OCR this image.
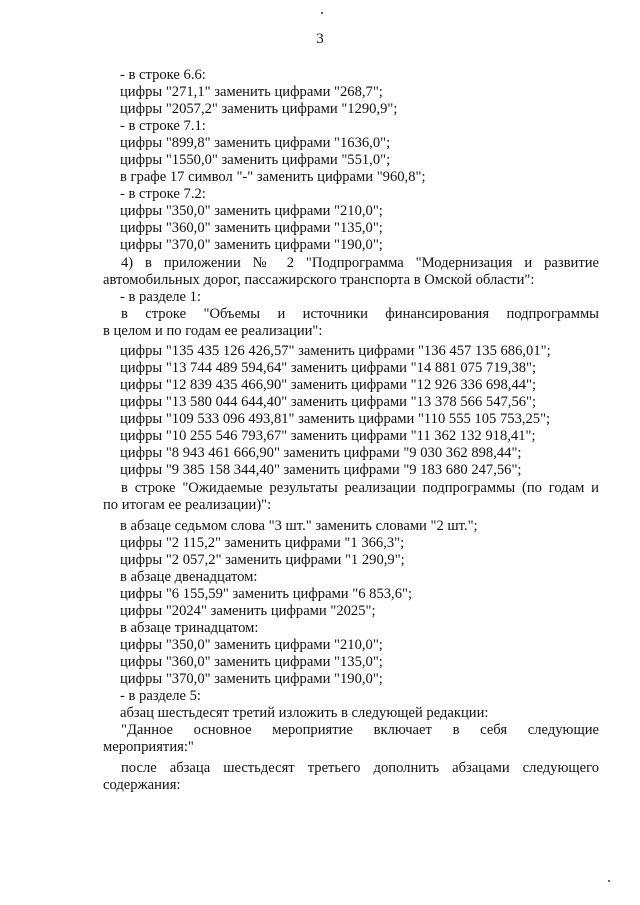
3
- в строке 6.6:
цифры "271,1" заменить цифрами "268,7";
цифры "2057,2" заменить цифрами "1290,9";
- в строке 7.1:
цифры "899,8" заменить цифрами "1636,0";
цифры "1550,0" заменить цифрами "551,0";
в графе 17 символ "-" заменить цифрами "960,8";
- в строке 7.2:
цифры "350,0" заменить цифрами "210,0";
цифры "360,0" заменить цифрами "135,0";
цифры "370,0" заменить цифрами "190,0";
4) в приложении № 2 "Подпрограмма "Модернизация и развитие
автомобильных дорог, пассажирского транспорта в Омской области":
- в разделе 1:
в строке "Объемы и источники финансирования подпрограммы
в целом и по годам ее реализации":
цифры "135 435 126 426,57" заменить цифрами "136 457 135 686,01";
цифры "13 744 489 594,64" заменить цифрами "14 881 075 719,38";
цифры "12 839 435 466,90" заменить цифрами "12 926 336 698,44";
цифры "13 580 044 644,40" заменить цифрами "13 378 566 547,56";
цифры "109 533 096 493,81" заменить цифрами "110 555 105 753,25";
цифры "10 255 546 793,67" заменить цифрами "11 362 132 918,41";
цифры "8 943 461 666,90" заменить цифрами "9 030 362 898,44";
цифры "9 385 158 344,40" заменить цифрами "9 183 680 247,56";
в строке "Ожидаемые результаты реализации подпрограммы (по годам и
по итогам ее реализации)":
в абзаце седьмом слова "3 шт." заменить словами "2 шт.";
цифры "2 115,2" заменить цифрами "1 366,3";
цифры "2 057,2" заменить цифрами "1 290,9";
в абзаце двенадцатом:
цифры "6 155,59" заменить цифрами "6 853,6";
цифры "2024" заменить цифрами "2025";
в абзаце тринадцатом:
цифры "350,0" заменить цифрами "210,0";
цифры "360,0" заменить цифрами "135,0";
цифры "370,0" заменить цифрами "190,0";
- в разделе 5:
абзац шестьдесят третий изложить в следующей редакции:
"Данное основное мероприятие включает в себя следующие
мероприятия:"
после абзаца шестьдесят третьего дополнить абзацами следующего
содержания:
